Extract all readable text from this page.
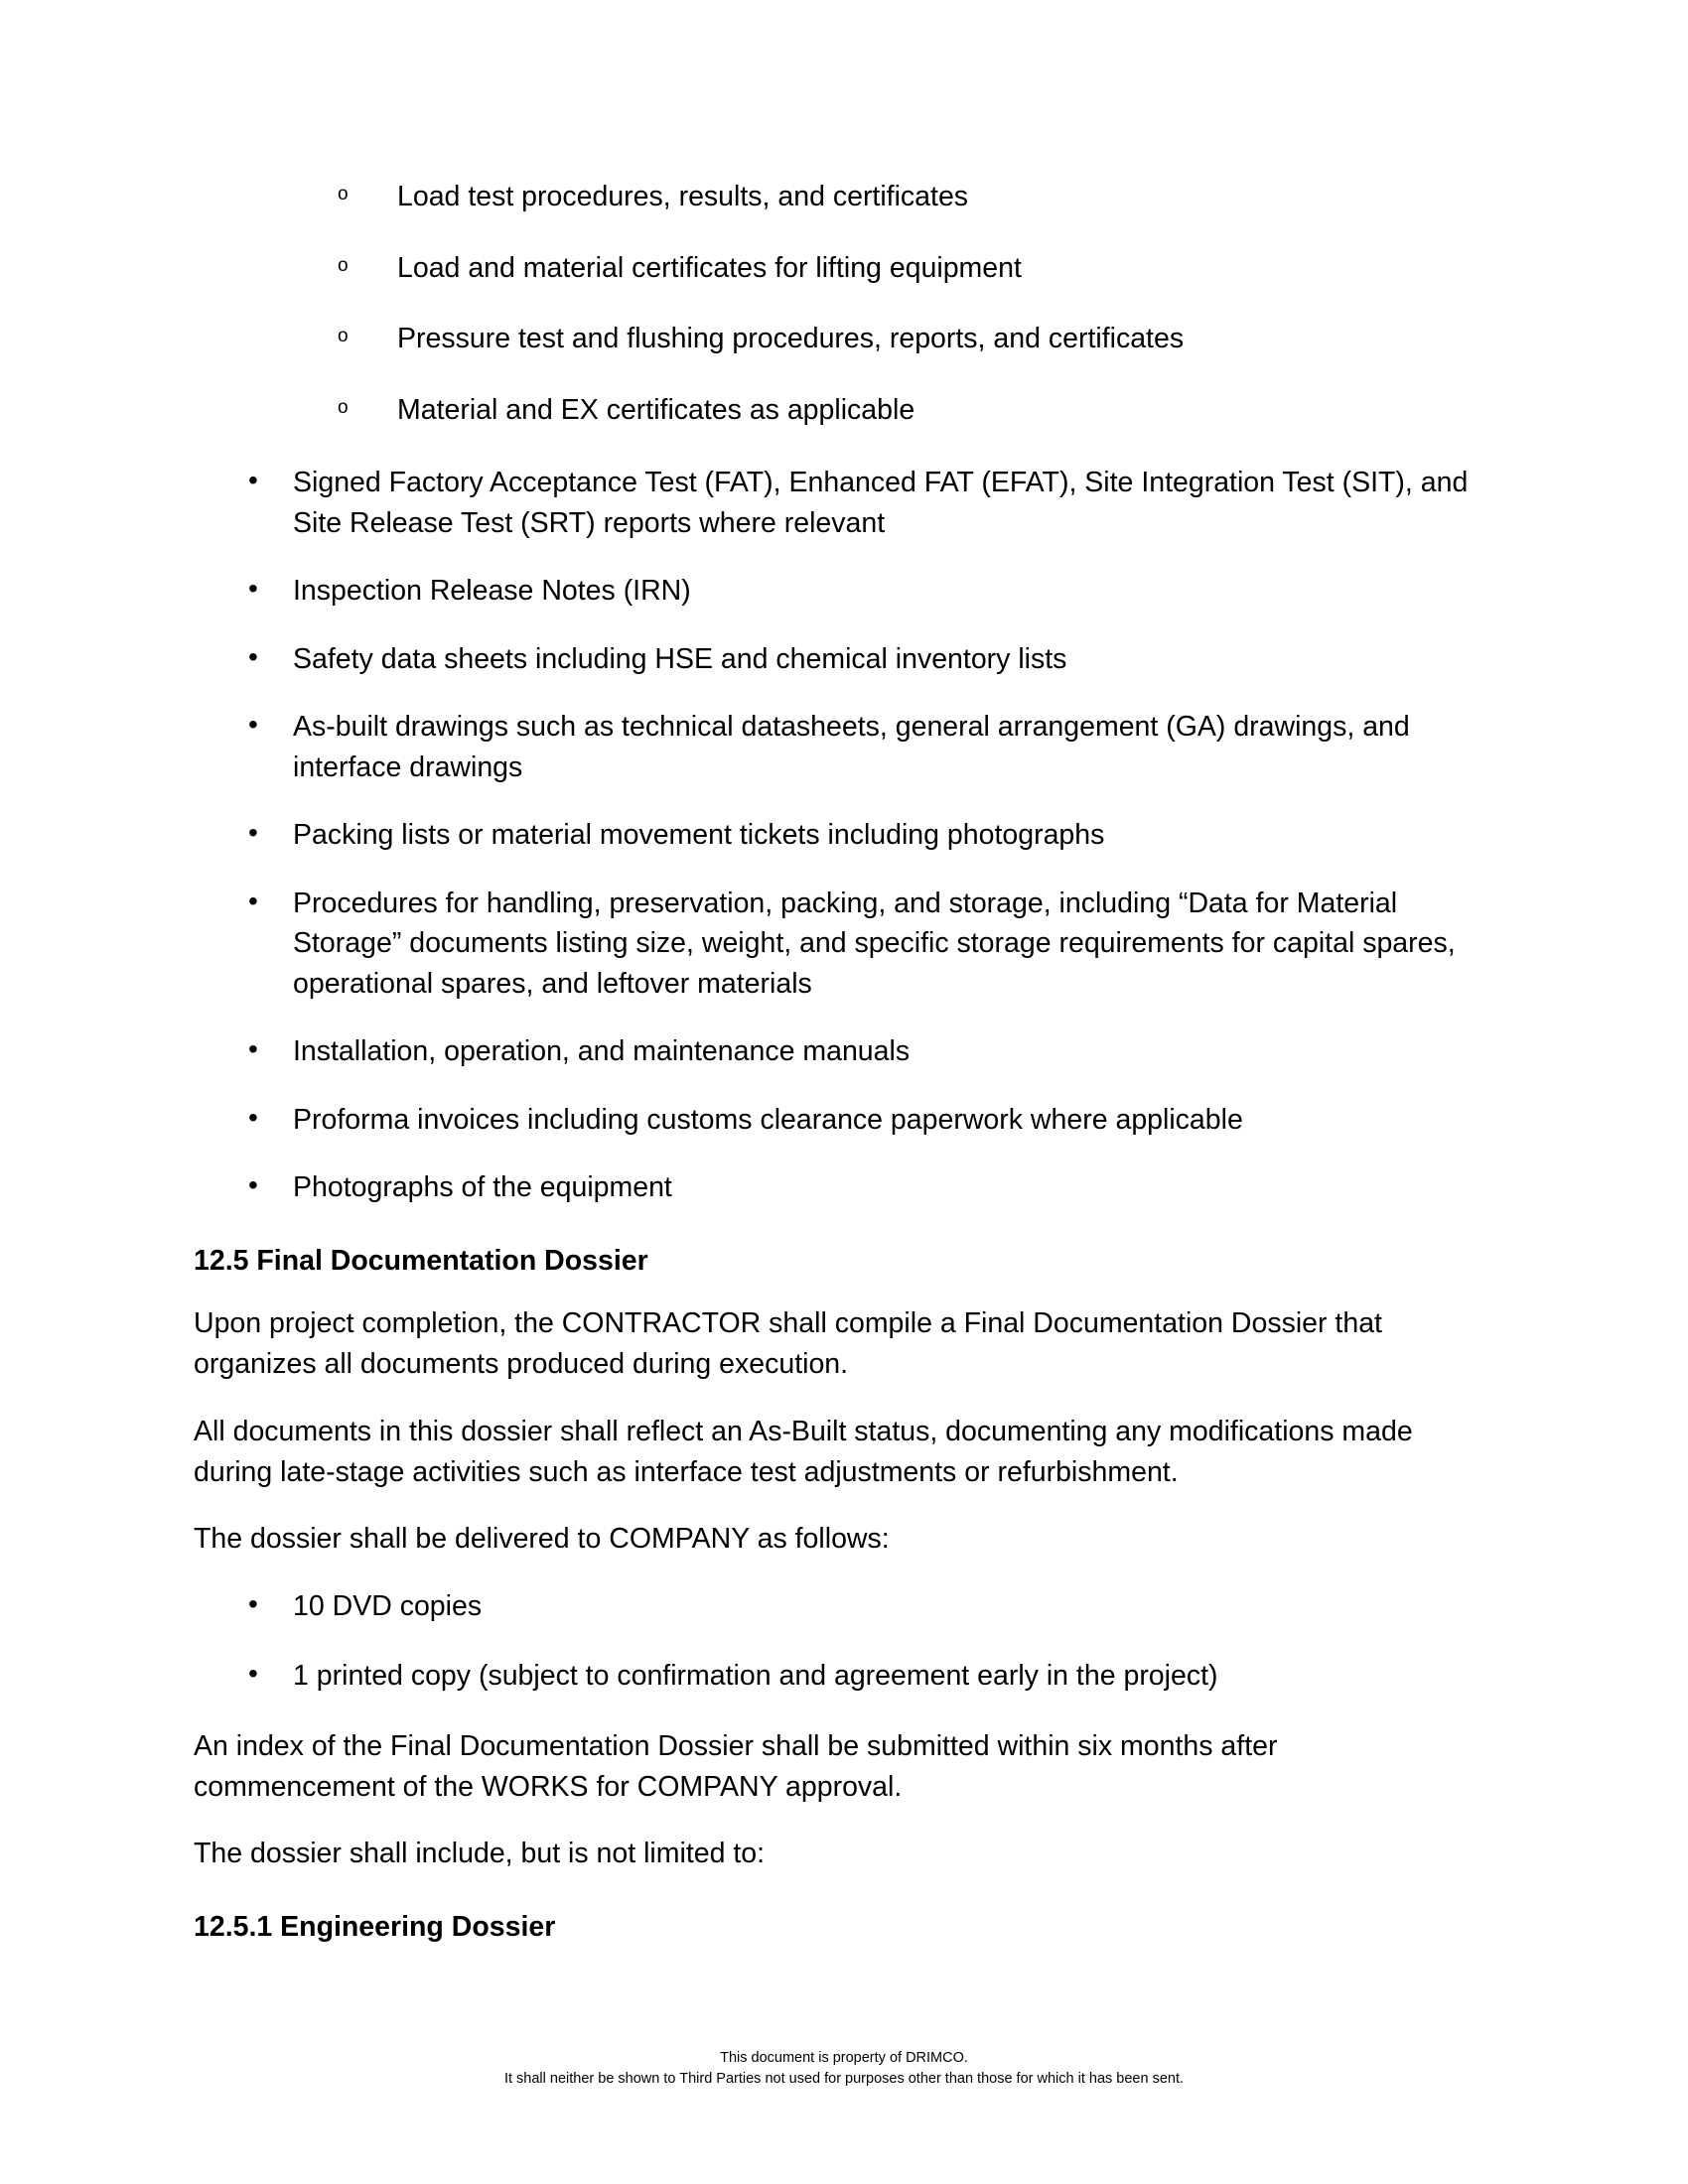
o Load test procedures, results, and certificates
o Load and material certificates for lifting equipment
o Pressure test and flushing procedures, reports, and certificates
o Material and EX certificates as applicable
• Signed Factory Acceptance Test (FAT), Enhanced FAT (EFAT), Site Integration Test (SIT), and Site Release Test (SRT) reports where relevant
• Inspection Release Notes (IRN)
• Safety data sheets including HSE and chemical inventory lists
• As-built drawings such as technical datasheets, general arrangement (GA) drawings, and interface drawings
• Packing lists or material movement tickets including photographs
• Procedures for handling, preservation, packing, and storage, including “Data for Material Storage” documents listing size, weight, and specific storage requirements for capital spares, operational spares, and leftover materials
• Installation, operation, and maintenance manuals
• Proforma invoices including customs clearance paperwork where applicable
• Photographs of the equipment
12.5 Final Documentation Dossier

Upon project completion, the CONTRACTOR shall compile a Final Documentation Dossier that organizes all documents produced during execution.

All documents in this dossier shall reflect an As-Built status, documenting any modifications made during late-stage activities such as interface test adjustments or refurbishment.

The dossier shall be delivered to COMPANY as follows:

• 10 DVD copies
• 1 printed copy (subject to confirmation and agreement early in the project)

An index of the Final Documentation Dossier shall be submitted within six months after commencement of the WORKS for COMPANY approval.

The dossier shall include, but is not limited to:

12.5.1 Engineering Dossier
This document is property of DRIMCO.
It shall neither be shown to Third Parties not used for purposes other than those for which it has been sent.
